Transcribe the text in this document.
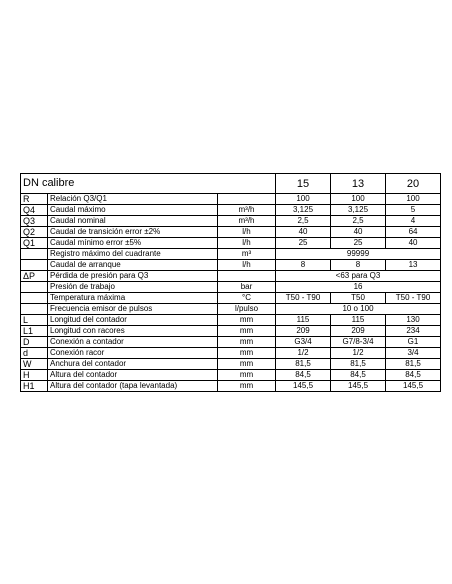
DN calibre			15	13	20
R	Relación Q3/Q1		100	100	100
Q4	Caudal máximo	m³/h	3,125	3,125	5
Q3	Caudal nominal	m³/h	2,5	2,5	4
Q2	Caudal de transición error ±2%	l/h	40	40	64
Q1	Caudal mínimo error ±5%	l/h	25	25	40
	Registro máximo del cuadrante	m³	99999		
	Caudal de arranque	l/h	8	8	13
ΔP	Pérdida de presión para Q3		<63 para Q3		
	Presión de trabajo	bar	16		
	Temperatura máxima	°C	T50 - T90	T50	T50 - T90
	Frecuencia emisor de pulsos	l/pulso	10 o 100		
L	Longitud del contador	mm	115	115	130
L1	Longitud con racores	mm	209	209	234
D	Conexión a contador	mm	G3/4	G7/8-3/4	G1
d	Conexión racor	mm	1/2	1/2	3/4
W	Anchura del contador	mm	81,5	81,5	81,5
H	Altura del contador	mm	84,5	84,5	84,5
H1	Altura del contador (tapa levantada)	mm	145,5	145,5	145,5
